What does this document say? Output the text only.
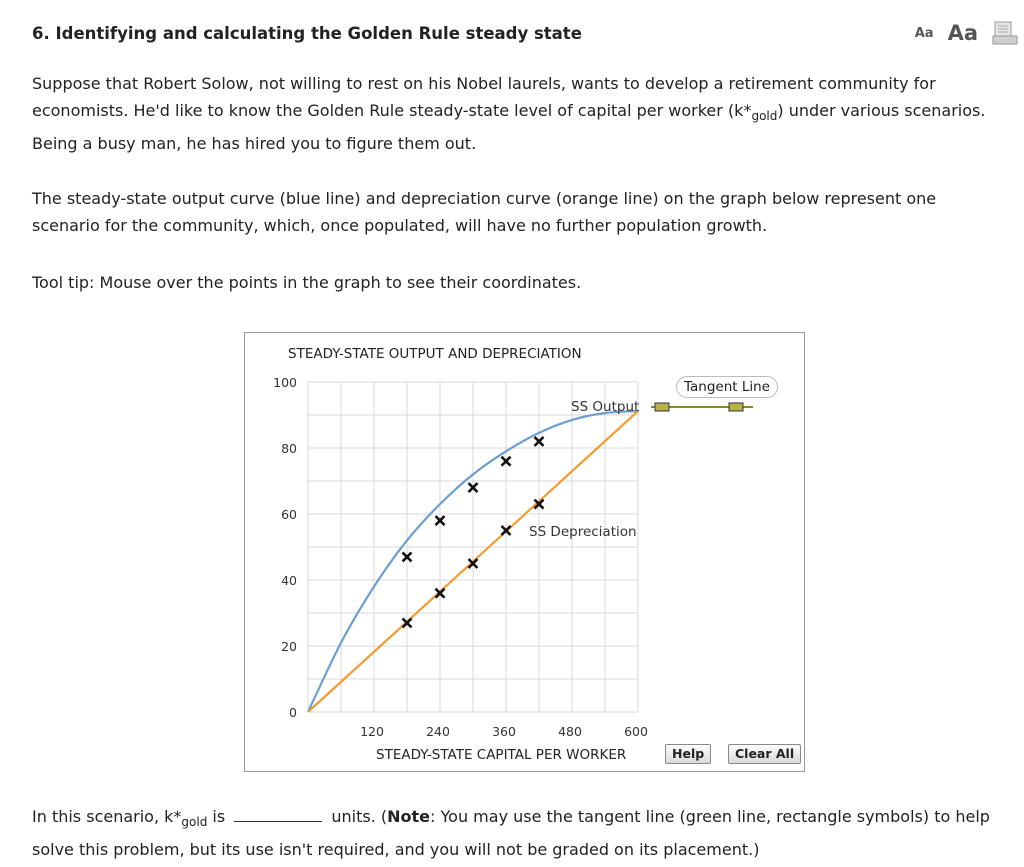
6. Identifying and calculating the Golden Rule steady state	Aa Aa

Suppose that Robert Solow, not willing to rest on his Nobel laurels, wants to develop a retirement community for economists. He'd like to know the Golden Rule steady-state level of capital per worker $(k*_{gold})$ under various scenarios. Being a busy man, he has hired you to figure them out.

The steady-state output curve (blue line) and depreciation curve (orange line) on the graph below represent one scenario for the community, which, once populated, will have no further population growth.

Tool tip: Mouse over the points in the graph to see their coordinates.

STEADY-STATE OUTPUT AND DEPRECIATION
0
20
40
60
80
100
120	240	360	480	600
STEADY-STATE CAPITAL PER WORKER
SS Output
SS Depreciation
Tangent Line
Help	Clear All

In this scenario, $k*_{gold}$ is	units. (Note: You may use the tangent line (green line, rectangle symbols) to help solve this problem, but its use isn't required, and you will not be graded on its placement.)
